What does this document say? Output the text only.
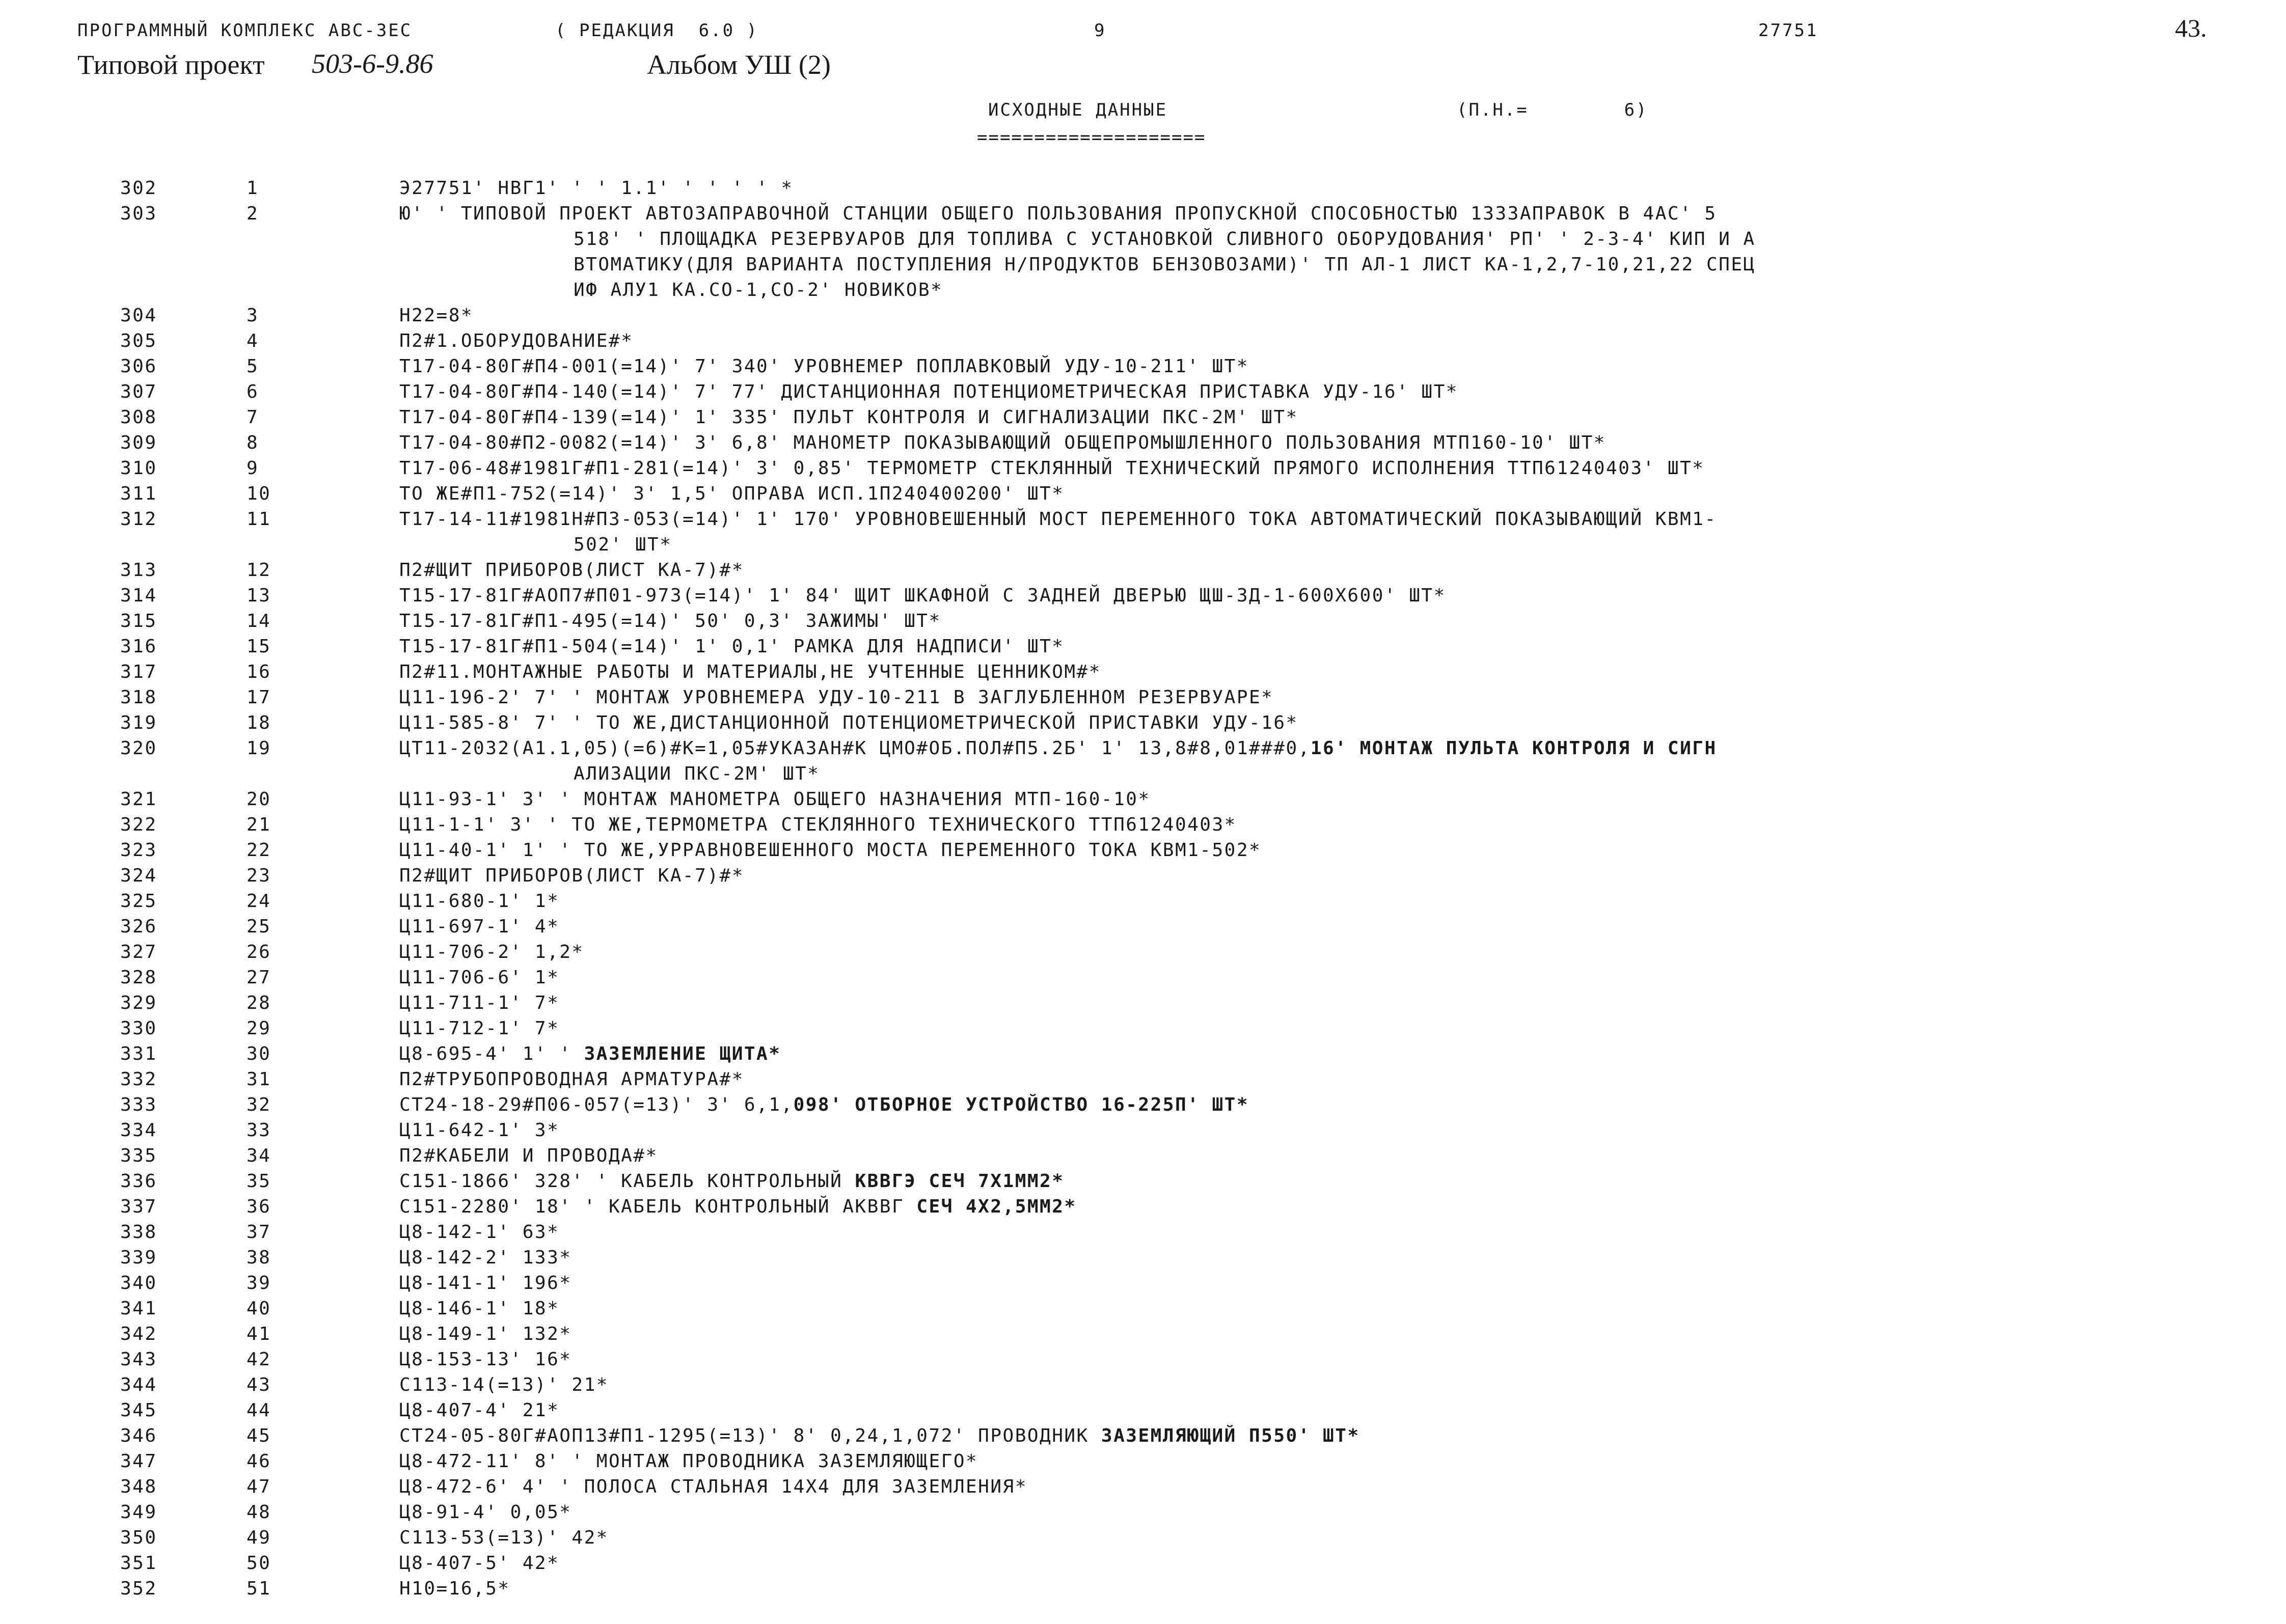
ПРОГРАММНЫЙ КОМПЛЕКС АВС-3ЕС	( РЕДАКЦИЯ  6.0 )	9	27751	43.
Типовой проект 503-6-9.86	Альбом УШ (2)
ИСХОДНЫЕ ДАННЫЕ	(П.Н.=        6)
====================
302	1	Э27751' НВГ1' ' ' 1.1' ' ' ' ' *
303	2	Ю' ' ТИПОВОЙ ПРОЕКТ АВТОЗАПРАВОЧНОЙ СТАНЦИИ ОБЩЕГО ПОЛЬЗОВАНИЯ ПРОПУСКНОЙ СПОСОБНОСТЬЮ 13ЗЗАПРАВОК В 4АС' 5
518' ' ПЛОЩАДКА РЕЗЕРВУАРОВ ДЛЯ ТОПЛИВА С УСТАНОВКОЙ СЛИВНОГО ОБОРУДОВАНИЯ' РП' ' 2-3-4' КИП И А
ВТОМАТИКУ(ДЛЯ ВАРИАНТА ПОСТУПЛЕНИЯ Н/ПРОДУКТОВ БЕНЗОВОЗАМИ)' ТП АЛ-1 ЛИСТ КА-1,2,7-10,21,22 СПЕЦ
ИФ АЛУ1 КА.СО-1,СО-2' НОВИКОВ*
304	3	Н22=8*
305	4	П2#1.ОБОРУДОВАНИЕ#*
306	5	Т17-04-80Г#П4-001(=14)' 7' 340' УРОВНЕМЕР ПОПЛАВКОВЫЙ УДУ-10-211' ШТ*
307	6	Т17-04-80Г#П4-140(=14)' 7' 77' ДИСТАНЦИОННАЯ ПОТЕНЦИОМЕТРИЧЕСКАЯ ПРИСТАВКА УДУ-16' ШТ*
308	7	Т17-04-80Г#П4-139(=14)' 1' 335' ПУЛЬТ КОНТРОЛЯ И СИГНАЛИЗАЦИИ ПКС-2М' ШТ*
309	8	Т17-04-80#П2-0082(=14)' 3' 6,8' МАНОМЕТР ПОКАЗЫВАЮЩИЙ ОБЩЕПРОМЫШЛЕННОГО ПОЛЬЗОВАНИЯ МТП160-10' ШТ*
310	9	Т17-06-48#1981Г#П1-281(=14)' 3' 0,85' ТЕРМОМЕТР СТЕКЛЯННЫЙ ТЕХНИЧЕСКИЙ ПРЯМОГО ИСПОЛНЕНИЯ ТТП61240403' ШТ*
311	10	ТО ЖЕ#П1-752(=14)' 3' 1,5' ОПРАВА ИСП.1П240400200' ШТ*
312	11	Т17-14-11#1981Н#П3-053(=14)' 1' 170' УРОВНОВЕШЕННЫЙ МОСТ ПЕРЕМЕННОГО ТОКА АВТОМАТИЧЕСКИЙ ПОКАЗЫВАЮЩИЙ КВМ1-
502' ШТ*
313	12	П2#ЩИТ ПРИБОРОВ(ЛИСТ КА-7)#*
314	13	Т15-17-81Г#АОП7#П01-973(=14)' 1' 84' ЩИТ ШКАФНОЙ С ЗАДНЕЙ ДВЕРЬЮ ЩШ-ЗД-1-600Х600' ШТ*
315	14	Т15-17-81Г#П1-495(=14)' 50' 0,3' ЗАЖИМЫ' ШТ*
316	15	Т15-17-81Г#П1-504(=14)' 1' 0,1' РАМКА ДЛЯ НАДПИСИ' ШТ*
317	16	П2#11.МОНТАЖНЫЕ РАБОТЫ И МАТЕРИАЛЫ,НЕ УЧТЕННЫЕ ЦЕННИКОМ#*
318	17	Ц11-196-2' 7' ' МОНТАЖ УРОВНЕМЕРА УДУ-10-211 В ЗАГЛУБЛЕННОМ РЕЗЕРВУАРЕ*
319	18	Ц11-585-8' 7' ' ТО ЖЕ,ДИСТАНЦИОННОЙ ПОТЕНЦИОМЕТРИЧЕСКОЙ ПРИСТАВКИ УДУ-16*
320	19	ЦТ11-2032(А1.1,05)(=6)#К=1,05#УКАЗАН#К ЦМО#ОБ.ПОЛ#П5.2Б' 1' 13,8#8,01###0,16' МОНТАЖ ПУЛЬТА КОНТРОЛЯ И СИГН
АЛИЗАЦИИ ПКС-2М' ШТ*
321	20	Ц11-93-1' 3' ' МОНТАЖ МАНОМЕТРА ОБЩЕГО НАЗНАЧЕНИЯ МТП-160-10*
322	21	Ц11-1-1' 3' ' ТО ЖЕ,ТЕРМОМЕТРА СТЕКЛЯННОГО ТЕХНИЧЕСКОГО ТТП61240403*
323	22	Ц11-40-1' 1' ' ТО ЖЕ,УРРАВНОВЕШЕННОГО МОСТА ПЕРЕМЕННОГО ТОКА КВМ1-502*
324	23	П2#ЩИТ ПРИБОРОВ(ЛИСТ КА-7)#*
325	24	Ц11-680-1' 1*
326	25	Ц11-697-1' 4*
327	26	Ц11-706-2' 1,2*
328	27	Ц11-706-6' 1*
329	28	Ц11-711-1' 7*
330	29	Ц11-712-1' 7*
331	30	Ц8-695-4' 1' ' ЗАЗЕМЛЕНИЕ ЩИТА*
332	31	П2#ТРУБОПРОВОДНАЯ АРМАТУРА#*
333	32	СТ24-18-29#П06-057(=13)' 3' 6,1,098' ОТБОРНОЕ УСТРОЙСТВО 16-225П' ШТ*
334	33	Ц11-642-1' 3*
335	34	П2#КАБЕЛИ И ПРОВОДА#*
336	35	С151-1866' 328' ' КАБЕЛЬ КОНТРОЛЬНЫЙ КВВГЭ СЕЧ 7Х1ММ2*
337	36	С151-2280' 18' ' КАБЕЛЬ КОНТРОЛЬНЫЙ АКВВГ СЕЧ 4Х2,5ММ2*
338	37	Ц8-142-1' 63*
339	38	Ц8-142-2' 133*
340	39	Ц8-141-1' 196*
341	40	Ц8-146-1' 18*
342	41	Ц8-149-1' 132*
343	42	Ц8-153-13' 16*
344	43	С113-14(=13)' 21*
345	44	Ц8-407-4' 21*
346	45	СТ24-05-80Г#АОП13#П1-1295(=13)' 8' 0,24,1,072' ПРОВОДНИК ЗАЗЕМЛЯЮЩИЙ П550' ШТ*
347	46	Ц8-472-11' 8' ' МОНТАЖ ПРОВОДНИКА ЗАЗЕМЛЯЮЩЕГО*
348	47	Ц8-472-6' 4' ' ПОЛОСА СТАЛЬНАЯ 14Х4 ДЛЯ ЗАЗЕМЛЕНИЯ*
349	48	Ц8-91-4' 0,05*
350	49	С113-53(=13)' 42*
351	50	Ц8-407-5' 42*
352	51	Н10=16,5*
